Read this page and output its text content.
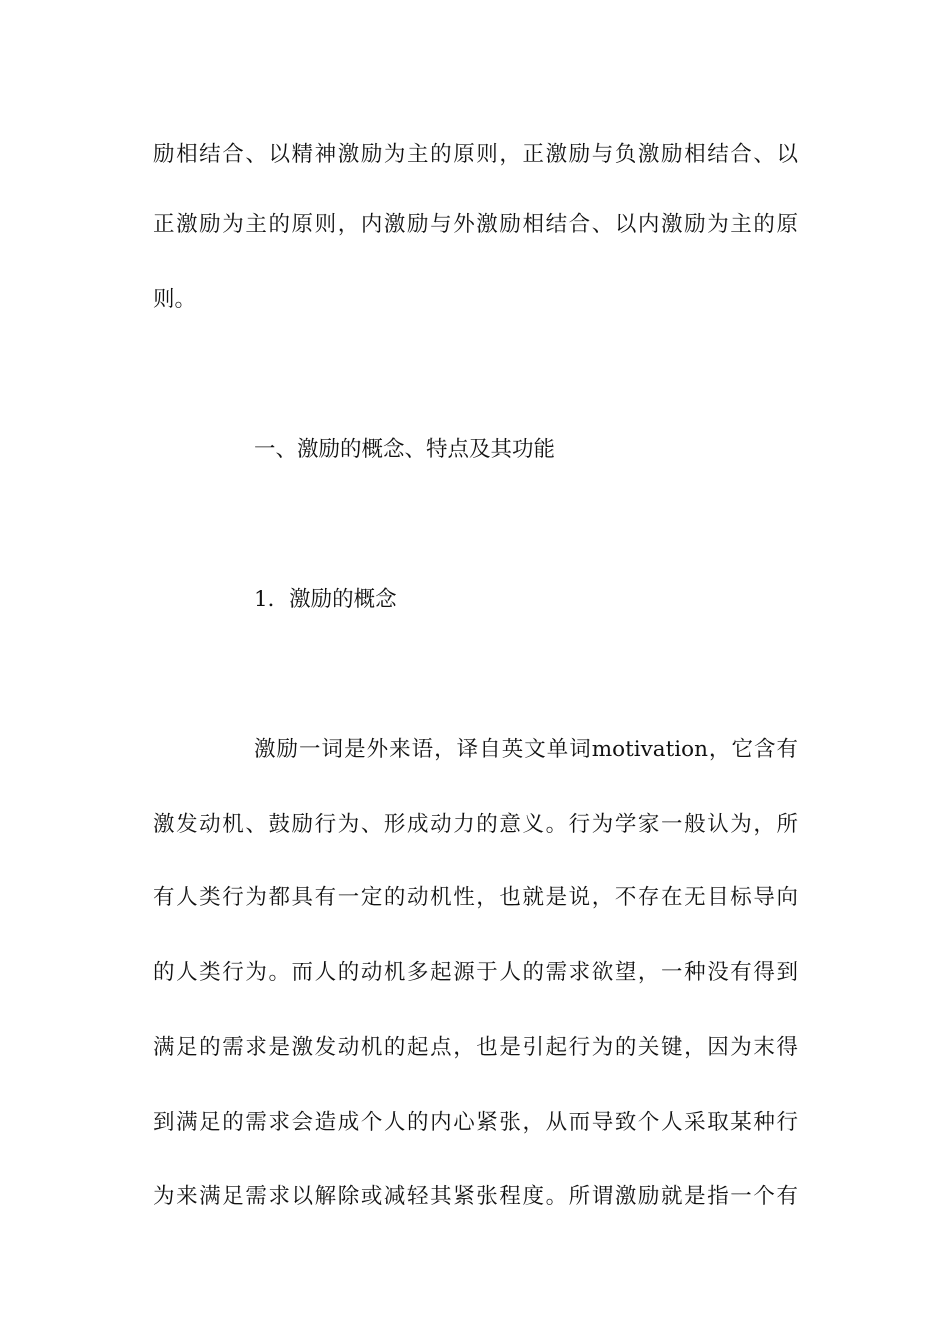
励相结合、以精神激励为主的原则，正激励与负激励相结合、以
正激励为主的原则，内激励与外激励相结合、以内激励为主的原
则。
一、激励的概念、特点及其功能
1．激励的概念
激励一词是外来语，译自英文单词motivation，它含有
激发动机、鼓励行为、形成动力的意义。行为学家一般认为，所
有人类行为都具有一定的动机性，也就是说，不存在无目标导向
的人类行为。而人的动机多起源于人的需求欲望，一种没有得到
满足的需求是激发动机的起点，也是引起行为的关键，因为末得
到满足的需求会造成个人的内心紧张，从而导致个人采取某种行
为来满足需求以解除或减轻其紧张程度。所谓激励就是指一个有
